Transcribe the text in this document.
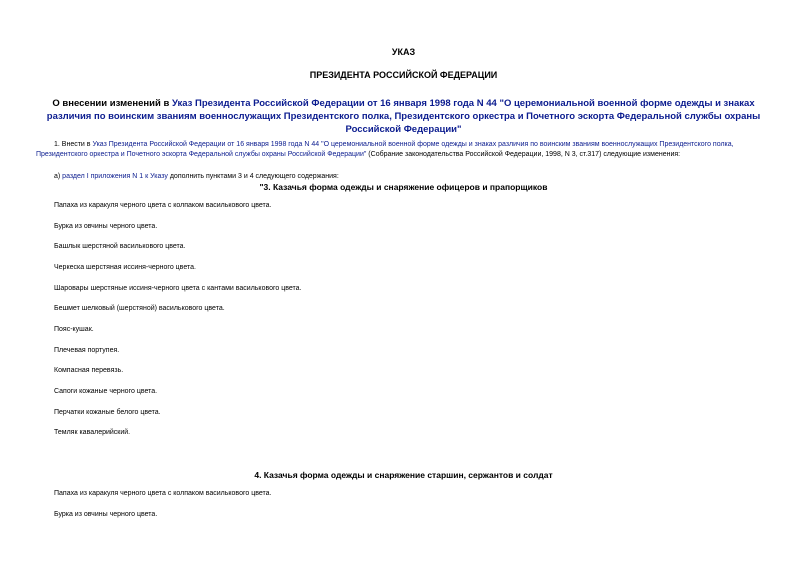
УКАЗ
ПРЕЗИДЕНТА РОССИЙСКОЙ ФЕДЕРАЦИИ
О внесении изменений в Указ Президента Российской Федерации от 16 января 1998 года N 44 "О церемониальной военной форме одежды и знаках различия по воинским званиям военнослужащих Президентского полка, Президентского оркестра и Почетного эскорта Федеральной службы охраны Российской Федерации"
1. Внести в Указ Президента Российской Федерации от 16 января 1998 года N 44 "О церемониальной военной форме одежды и знаках различия по воинским званиям военнослужащих Президентского полка, Президентского оркестра и Почетного эскорта Федеральной службы охраны Российской Федерации" (Собрание законодательства Российской Федерации, 1998, N 3, ст.317) следующие изменения:
а) раздел I приложения N 1 к Указу дополнить пунктами 3 и 4 следующего содержания:
"3. Казачья форма одежды и снаряжение офицеров и прапорщиков
Папаха из каракуля черного цвета с колпаком василькового цвета.
Бурка из овчины черного цвета.
Башлык шерстяной василькового цвета.
Черкеска шерстяная иссиня-черного цвета.
Шаровары шерстяные иссиня-черного цвета с кантами василькового цвета.
Бешмет шелковый (шерстяной) василькового цвета.
Пояс-кушак.
Плечевая портупея.
Компасная перевязь.
Сапоги кожаные черного цвета.
Перчатки кожаные белого цвета.
Темляк кавалерийский.
4. Казачья форма одежды и снаряжение старшин, сержантов и солдат
Папаха из каракуля черного цвета с колпаком василькового цвета.
Бурка из овчины черного цвета.
